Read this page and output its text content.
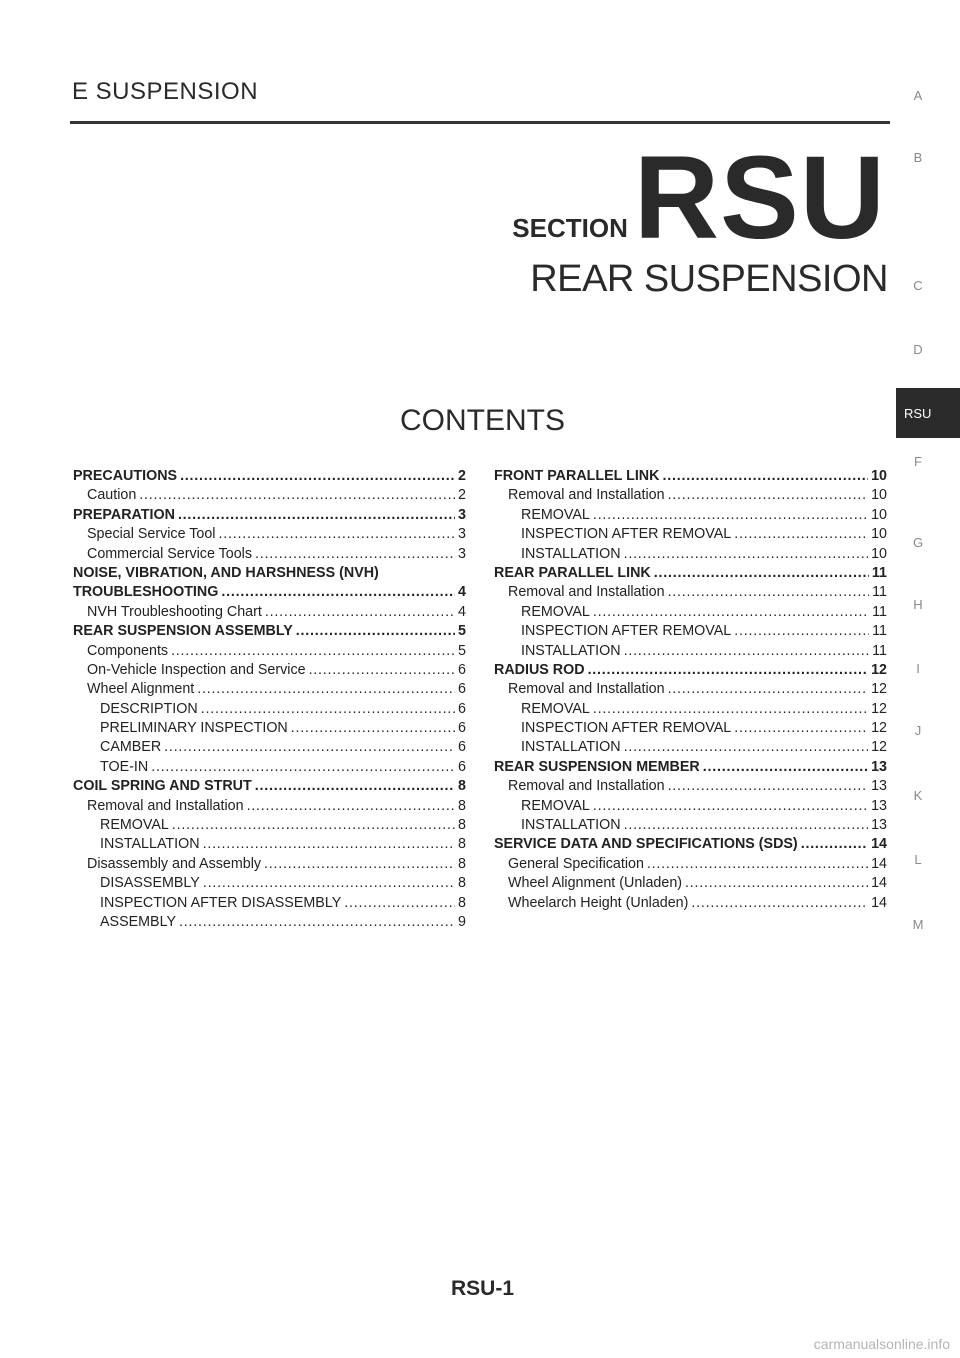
E SUSPENSION
SECTION RSU
REAR SUSPENSION
CONTENTS
PRECAUTIONS . . .	2
Caution . . .	2
PREPARATION . . .	3
Special Service Tool . . .	3
Commercial Service Tools . . .	3
NOISE, VIBRATION, AND HARSHNESS (NVH)
TROUBLESHOOTING . . .	4
NVH Troubleshooting Chart . . .	4
REAR SUSPENSION ASSEMBLY . . .	5
Components . . .	5
On-Vehicle Inspection and Service . . .	6
Wheel Alignment . . .	6
DESCRIPTION . . .	6
PRELIMINARY INSPECTION . . .	6
CAMBER . . .	6
TOE-IN . . .	6
COIL SPRING AND STRUT . . .	8
Removal and Installation . . .	8
REMOVAL . . .	8
INSTALLATION . . .	8
Disassembly and Assembly . . .	8
DISASSEMBLY . . .	8
INSPECTION AFTER DISASSEMBLY . . .	8
ASSEMBLY . . .	9
FRONT PARALLEL LINK . . .	10
Removal and Installation . . .	10
REMOVAL . . .	10
INSPECTION AFTER REMOVAL . . .	10
INSTALLATION . . .	10
REAR PARALLEL LINK . . .	11
Removal and Installation . . .	11
REMOVAL . . .	11
INSPECTION AFTER REMOVAL . . .	11
INSTALLATION . . .	11
RADIUS ROD . . .	12
Removal and Installation . . .	12
REMOVAL . . .	12
INSPECTION AFTER REMOVAL . . .	12
INSTALLATION . . .	12
REAR SUSPENSION MEMBER . . .	13
Removal and Installation . . .	13
REMOVAL . . .	13
INSTALLATION . . .	13
SERVICE DATA AND SPECIFICATIONS (SDS) . . .	14
General Specification . . .	14
Wheel Alignment (Unladen) . . .	14
Wheelarch Height (Unladen) . . .	14
A
B
C
D
RSU
F
G
H
I
J
K
L
M
RSU-1
carmanualsonline.info
